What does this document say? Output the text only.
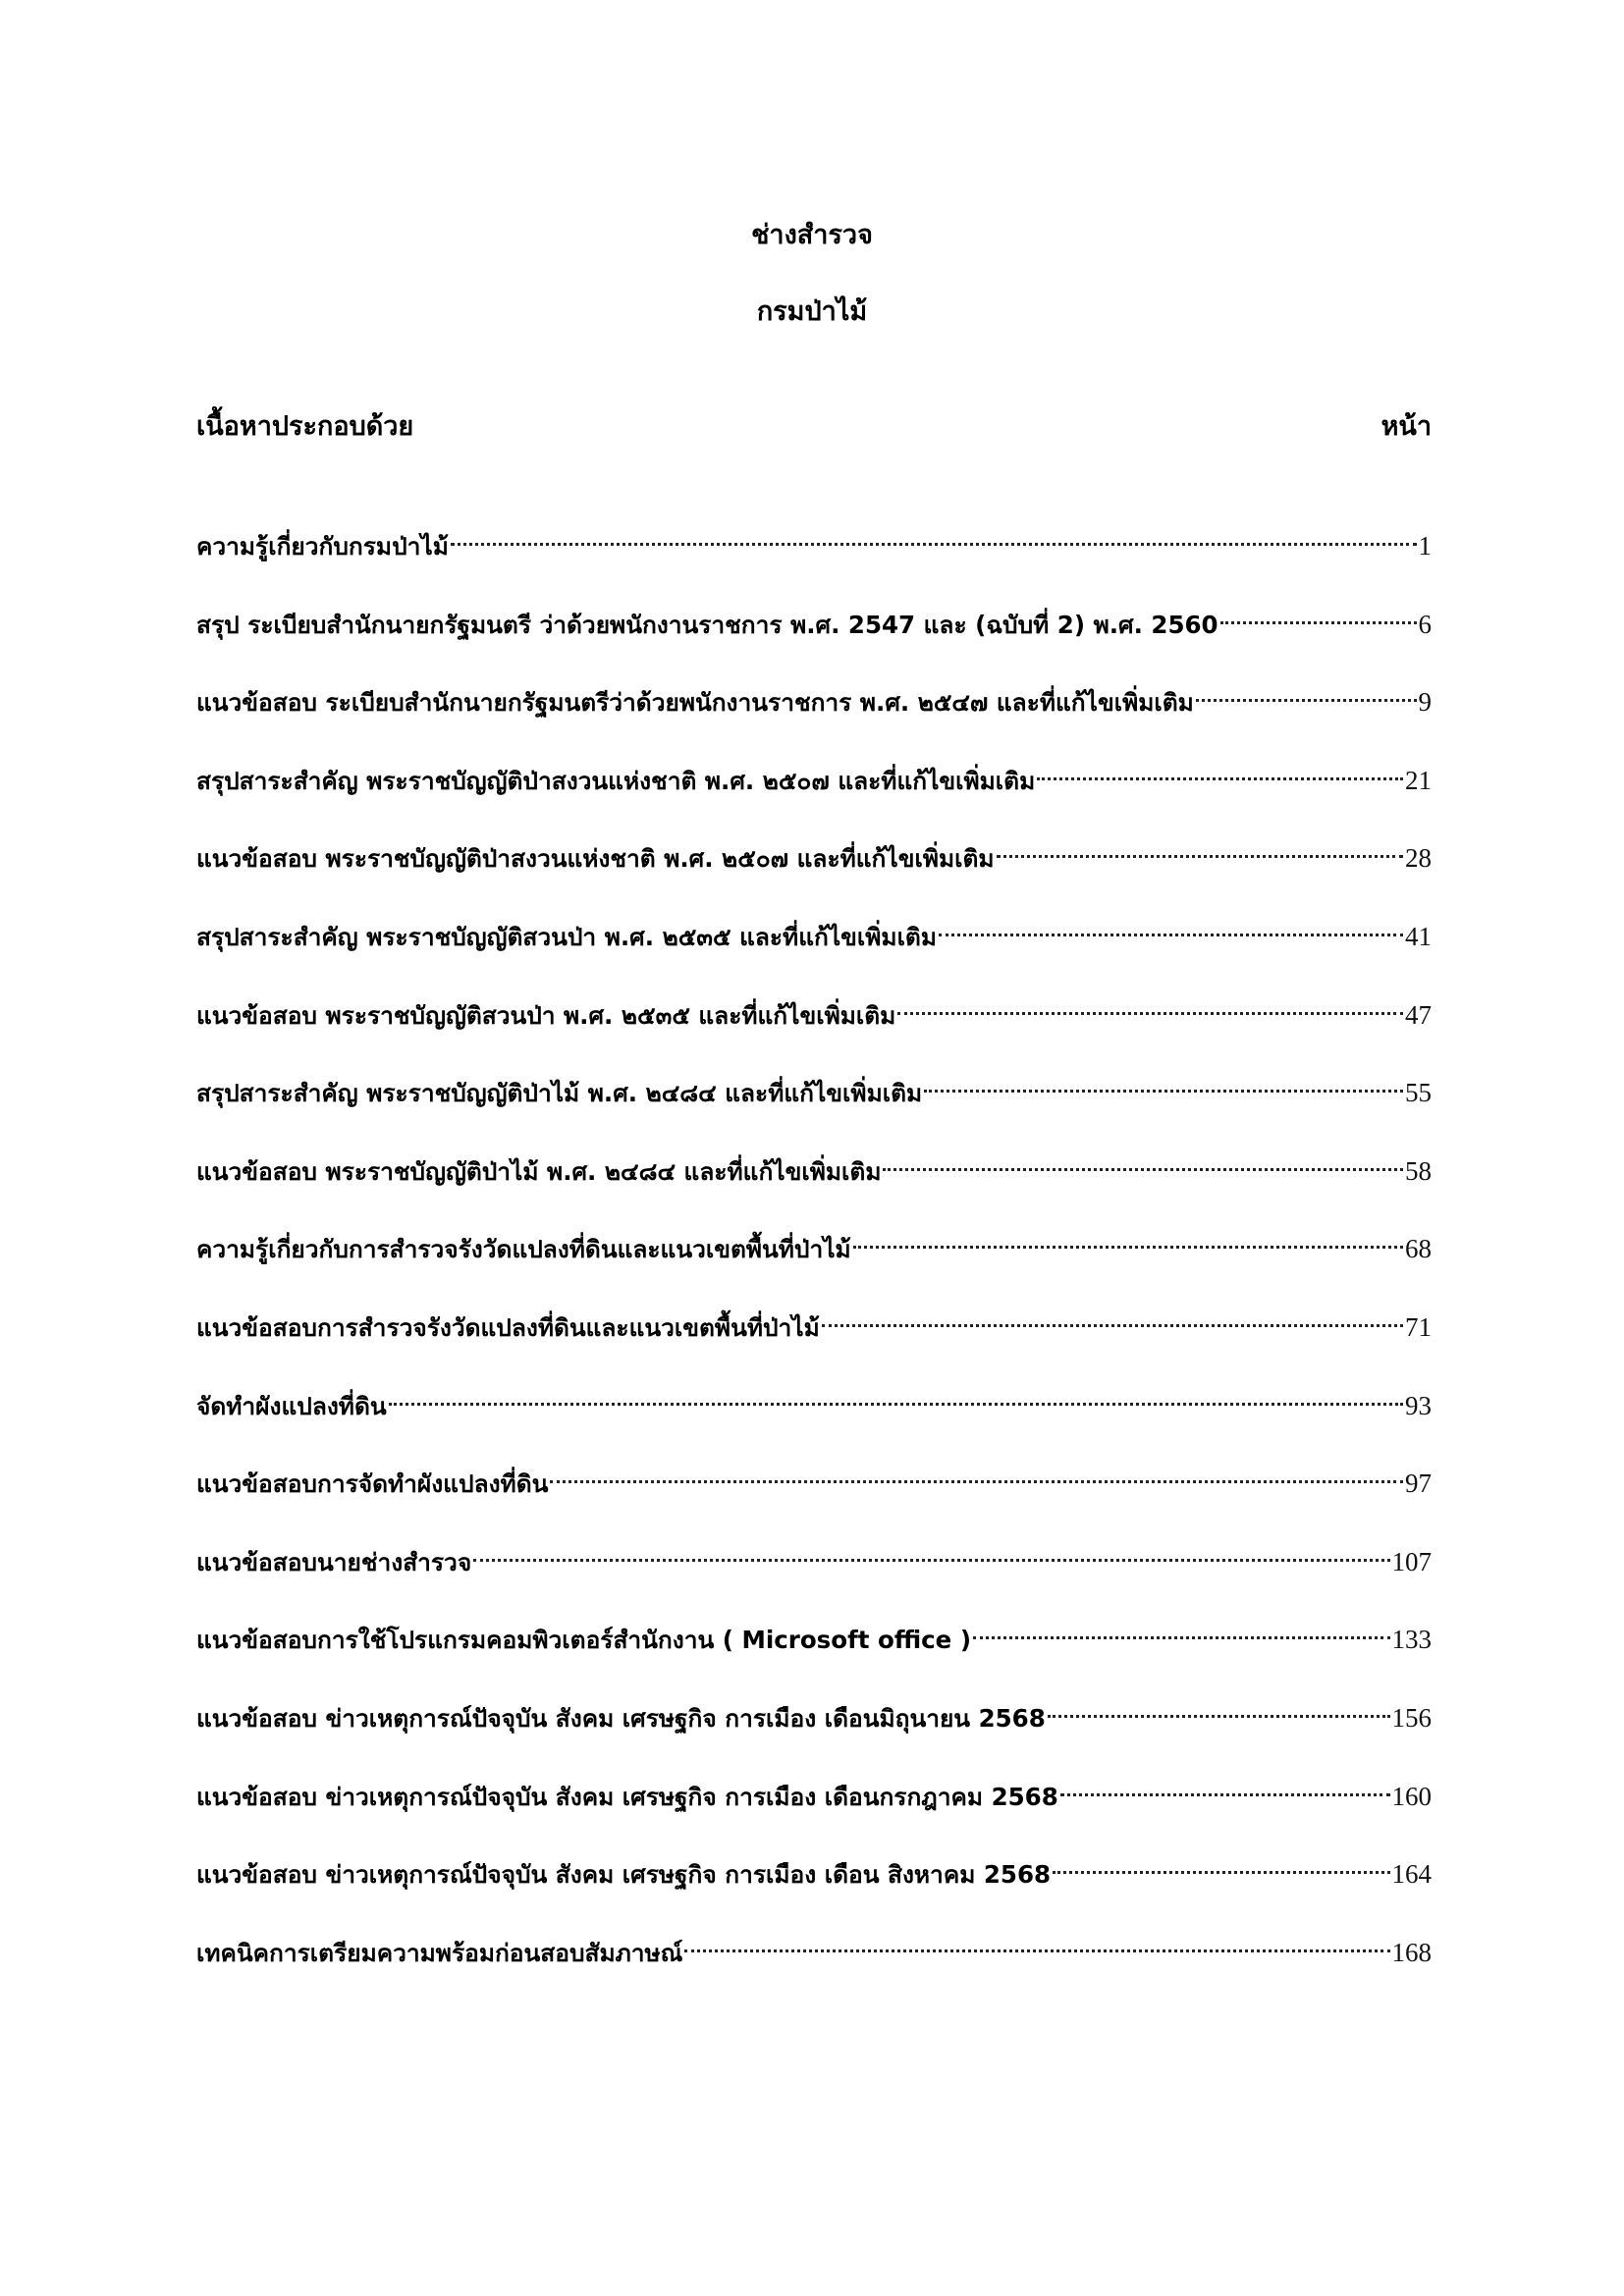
ช่างสำรวจ
กรมป่าไม้
เนื้อหาประกอบด้วย	หน้า
ความรู้เกี่ยวกับกรมป่าไม้	1
สรุป ระเบียบสำนักนายกรัฐมนตรี ว่าด้วยพนักงานราชการ พ.ศ. 2547 และ (ฉบับที่ 2) พ.ศ. 2560	6
แนวข้อสอบ ระเบียบสำนักนายกรัฐมนตรีว่าด้วยพนักงานราชการ พ.ศ. ๒๕๔๗ และที่แก้ไขเพิ่มเติม	9
สรุปสาระสำคัญ พระราชบัญญัติป่าสงวนแห่งชาติ พ.ศ. ๒๕๐๗ และที่แก้ไขเพิ่มเติม	21
แนวข้อสอบ พระราชบัญญัติป่าสงวนแห่งชาติ พ.ศ. ๒๕๐๗ และที่แก้ไขเพิ่มเติม	28
สรุปสาระสำคัญ พระราชบัญญัติสวนป่า พ.ศ. ๒๕๓๕ และที่แก้ไขเพิ่มเติม	41
แนวข้อสอบ พระราชบัญญัติสวนป่า พ.ศ. ๒๕๓๕ และที่แก้ไขเพิ่มเติม	47
สรุปสาระสำคัญ พระราชบัญญัติป่าไม้ พ.ศ. ๒๔๘๔ และที่แก้ไขเพิ่มเติม	55
แนวข้อสอบ พระราชบัญญัติป่าไม้ พ.ศ. ๒๔๘๔ และที่แก้ไขเพิ่มเติม	58
ความรู้เกี่ยวกับการสำรวจรังวัดแปลงที่ดินและแนวเขตพื้นที่ป่าไม้	68
แนวข้อสอบการสำรวจรังวัดแปลงที่ดินและแนวเขตพื้นที่ป่าไม้	71
จัดทำผังแปลงที่ดิน	93
แนวข้อสอบการจัดทำผังแปลงที่ดิน	97
แนวข้อสอบนายช่างสำรวจ	107
แนวข้อสอบการใช้โปรแกรมคอมพิวเตอร์สำนักงาน ( Microsoft office )	133
แนวข้อสอบ ข่าวเหตุการณ์ปัจจุบัน สังคม เศรษฐกิจ การเมือง เดือนมิถุนายน 2568	156
แนวข้อสอบ ข่าวเหตุการณ์ปัจจุบัน สังคม เศรษฐกิจ การเมือง เดือนกรกฎาคม 2568	160
แนวข้อสอบ ข่าวเหตุการณ์ปัจจุบัน สังคม เศรษฐกิจ การเมือง เดือน สิงหาคม 2568	164
เทคนิคการเตรียมความพร้อมก่อนสอบสัมภาษณ์	168
